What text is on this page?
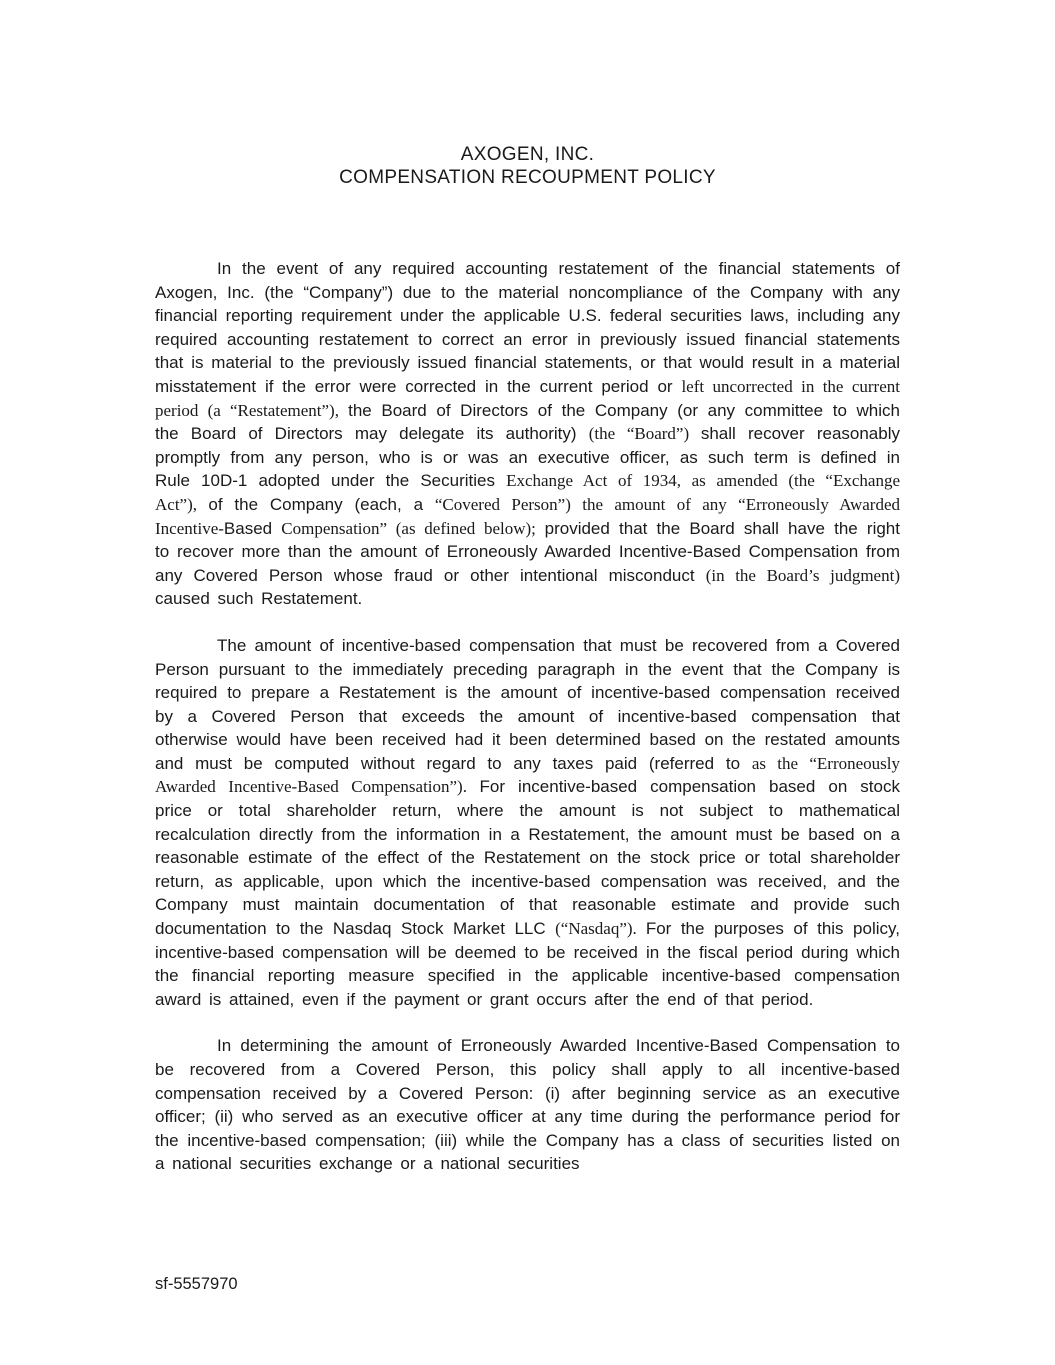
AXOGEN, INC.
COMPENSATION RECOUPMENT POLICY

In the event of any required accounting restatement of the financial statements of Axogen, Inc. (the “Company”) due to the material noncompliance of the Company with any financial reporting requirement under the applicable U.S. federal securities laws, including any required accounting restatement to correct an error in previously issued financial statements that is material to the previously issued financial statements, or that would result in a material misstatement if the error were corrected in the current period or left uncorrected in the current period (a “Restatement”), the Board of Directors of the Company (or any committee to which the Board of Directors may delegate its authority) (the “Board”) shall recover reasonably promptly from any person, who is or was an executive officer, as such term is defined in Rule 10D-1 adopted under the Securities Exchange Act of 1934, as amended (the “Exchange Act”), of the Company (each, a “Covered Person”) the amount of any “Erroneously Awarded Incentive-Based Compensation” (as defined below); provided that the Board shall have the right to recover more than the amount of Erroneously Awarded Incentive-Based Compensation from any Covered Person whose fraud or other intentional misconduct (in the Board’s judgment) caused such Restatement.

The amount of incentive-based compensation that must be recovered from a Covered Person pursuant to the immediately preceding paragraph in the event that the Company is required to prepare a Restatement is the amount of incentive-based compensation received by a Covered Person that exceeds the amount of incentive-based compensation that otherwise would have been received had it been determined based on the restated amounts and must be computed without regard to any taxes paid (referred to as the “Erroneously Awarded Incentive-Based Compensation”). For incentive-based compensation based on stock price or total shareholder return, where the amount is not subject to mathematical recalculation directly from the information in a Restatement, the amount must be based on a reasonable estimate of the effect of the Restatement on the stock price or total shareholder return, as applicable, upon which the incentive-based compensation was received, and the Company must maintain documentation of that reasonable estimate and provide such documentation to the Nasdaq Stock Market LLC (“Nasdaq”). For the purposes of this policy, incentive-based compensation will be deemed to be received in the fiscal period during which the financial reporting measure specified in the applicable incentive-based compensation award is attained, even if the payment or grant occurs after the end of that period.

In determining the amount of Erroneously Awarded Incentive-Based Compensation to be recovered from a Covered Person, this policy shall apply to all incentive-based compensation received by a Covered Person: (i) after beginning service as an executive officer; (ii) who served as an executive officer at any time during the performance period for the incentive-based compensation; (iii) while the Company has a class of securities listed on a national securities exchange or a national securities

sf-5557970
